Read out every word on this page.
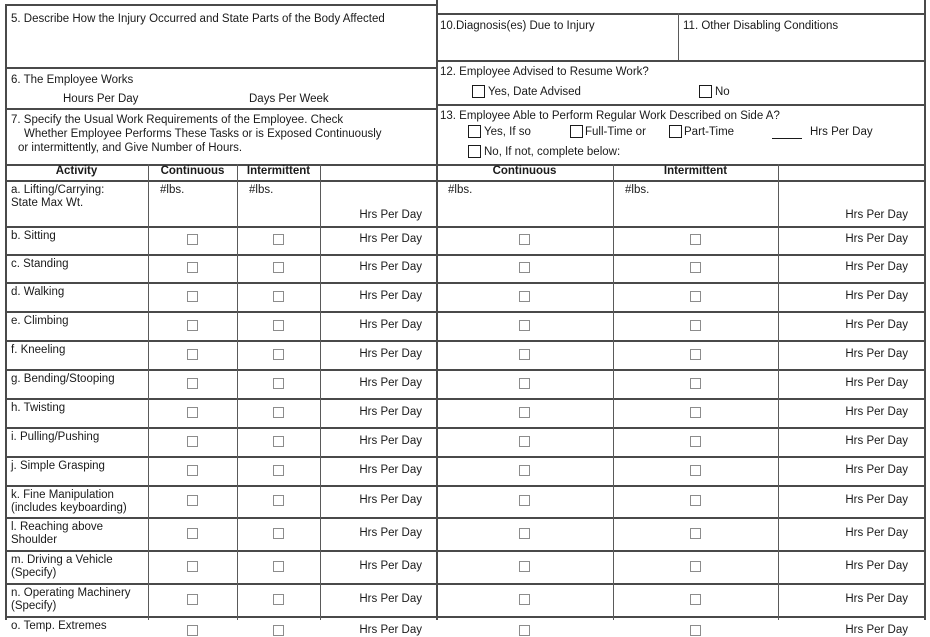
5. Describe How the Injury Occurred and State Parts of the Body Affected
6. The Employee Works
Hours Per Day	Days Per Week
7. Specify the Usual Work Requirements of the Employee. Check
Whether Employee Performs These Tasks or is Exposed Continuously
or intermittently, and Give Number of Hours.
10.Diagnosis(es) Due to Injury	11. Other Disabling Conditions
12. Employee Advised to Resume Work?
Yes, Date Advised	No
13. Employee Able to Perform Regular Work Described on Side A?
Yes, If so	Full-Time or	Part-Time	Hrs Per Day
No, If not, complete below:
Activity	Continuous	Intermittent	Continuous	Intermittent
a. Lifting/Carrying:
State Max Wt.
#lbs.	#lbs.	#lbs.	#lbs.
Hrs Per Day	Hrs Per Day
b. Sitting	Hrs Per Day	Hrs Per Day
c. Standing	Hrs Per Day	Hrs Per Day
d. Walking	Hrs Per Day	Hrs Per Day
e. Climbing	Hrs Per Day	Hrs Per Day
f. Kneeling	Hrs Per Day	Hrs Per Day
g. Bending/Stooping	Hrs Per Day	Hrs Per Day
h. Twisting	Hrs Per Day	Hrs Per Day
i. Pulling/Pushing	Hrs Per Day	Hrs Per Day
j. Simple Grasping	Hrs Per Day	Hrs Per Day
k. Fine Manipulation
(includes keyboarding)
Hrs Per Day	Hrs Per Day
l. Reaching above
Shoulder
Hrs Per Day	Hrs Per Day
m. Driving a Vehicle
(Specify)
Hrs Per Day	Hrs Per Day
n. Operating Machinery
(Specify)
Hrs Per Day	Hrs Per Day
o. Temp. Extremes	Hrs Per Day	Hrs Per Day
